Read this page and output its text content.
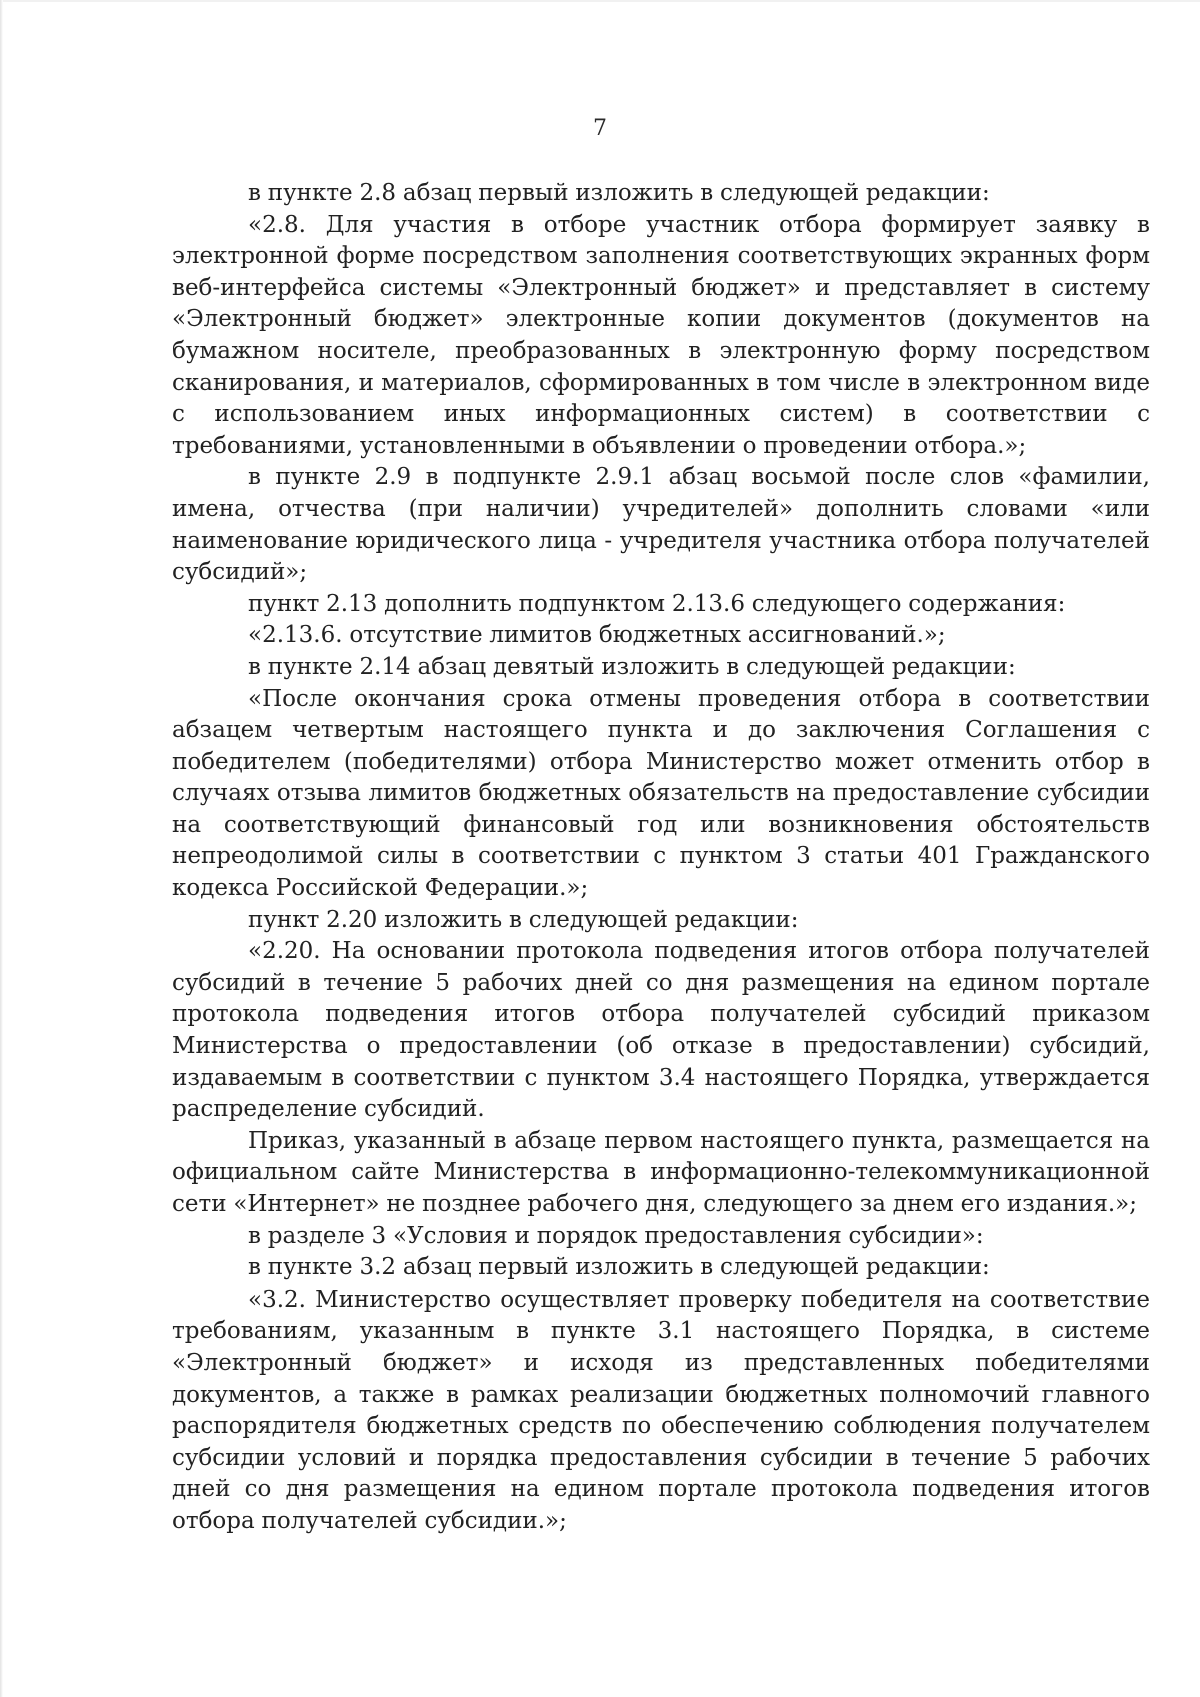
7

в пункте 2.8 абзац первый изложить в следующей редакции:

«2.8. Для участия в отборе участник отбора формирует заявку в электронной форме посредством заполнения соответствующих экранных форм веб-интерфейса системы «Электронный бюджет» и представляет в систему «Электронный бюджет» электронные копии документов (документов на бумажном носителе, преобразованных в электронную форму посредством сканирования, и материалов, сформированных в том числе в электронном виде с использованием иных информационных систем) в соответствии с требованиями, установленными в объявлении о проведении отбора.»;

в пункте 2.9 в подпункте 2.9.1 абзац восьмой после слов «фамилии, имена, отчества (при наличии) учредителей» дополнить словами «или наименование юридического лица - учредителя участника отбора получателей субсидий»;

пункт 2.13 дополнить подпунктом 2.13.6 следующего содержания:

«2.13.6. отсутствие лимитов бюджетных ассигнований.»;

в пункте 2.14 абзац девятый изложить в следующей редакции:

«После окончания срока отмены проведения отбора в соответствии абзацем четвертым настоящего пункта и до заключения Соглашения с победителем (победителями) отбора Министерство может отменить отбор в случаях отзыва лимитов бюджетных обязательств на предоставление субсидии на соответствующий финансовый год или возникновения обстоятельств непреодолимой силы в соответствии с пунктом 3 статьи 401 Гражданского кодекса Российской Федерации.»;

пункт 2.20 изложить в следующей редакции:

«2.20. На основании протокола подведения итогов отбора получателей субсидий в течение 5 рабочих дней со дня размещения на едином портале протокола подведения итогов отбора получателей субсидий приказом Министерства о предоставлении (об отказе в предоставлении) субсидий, издаваемым в соответствии с пунктом 3.4 настоящего Порядка, утверждается распределение субсидий.

Приказ, указанный в абзаце первом настоящего пункта, размещается на официальном сайте Министерства в информационно-телекоммуникационной сети «Интернет» не позднее рабочего дня, следующего за днем его издания.»;

в разделе 3 «Условия и порядок предоставления субсидии»:

в пункте 3.2 абзац первый изложить в следующей редакции:

«3.2. Министерство осуществляет проверку победителя на соответствие требованиям, указанным в пункте 3.1 настоящего Порядка, в системе «Электронный бюджет» и исходя из представленных победителями документов, а также в рамках реализации бюджетных полномочий главного распорядителя бюджетных средств по обеспечению соблюдения получателем субсидии условий и порядка предоставления субсидии в течение 5 рабочих дней со дня размещения на едином портале протокола подведения итогов отбора получателей субсидии.»;
